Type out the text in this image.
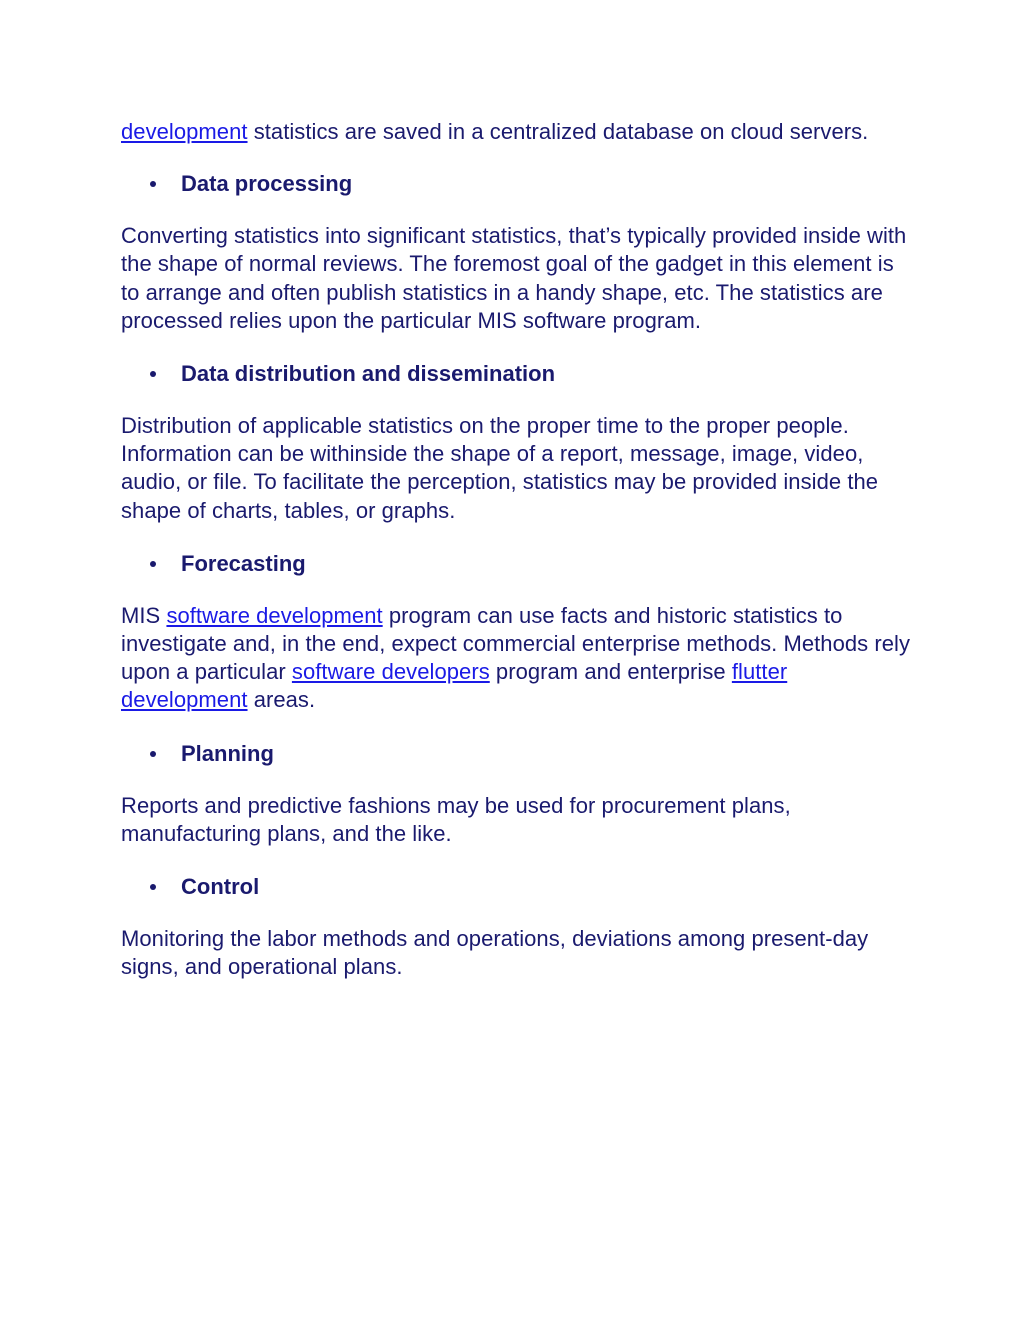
development statistics are saved in a centralized database on cloud servers.

Data processing

Converting statistics into significant statistics, that’s typically provided inside with the shape of normal reviews. The foremost goal of the gadget in this element is to arrange and often publish statistics in a handy shape, etc. The statistics are processed relies upon the particular MIS software program.

Data distribution and dissemination

Distribution of applicable statistics on the proper time to the proper people. Information can be withinside the shape of a report, message, image, video, audio, or file. To facilitate the perception, statistics may be provided inside the shape of charts, tables, or graphs.

Forecasting

MIS software development program can use facts and historic statistics to investigate and, in the end, expect commercial enterprise methods. Methods rely upon a particular software developers program and enterprise flutter development areas.

Planning

Reports and predictive fashions may be used for procurement plans, manufacturing plans, and the like.

Control

Monitoring the labor methods and operations, deviations among present-day signs, and operational plans.
